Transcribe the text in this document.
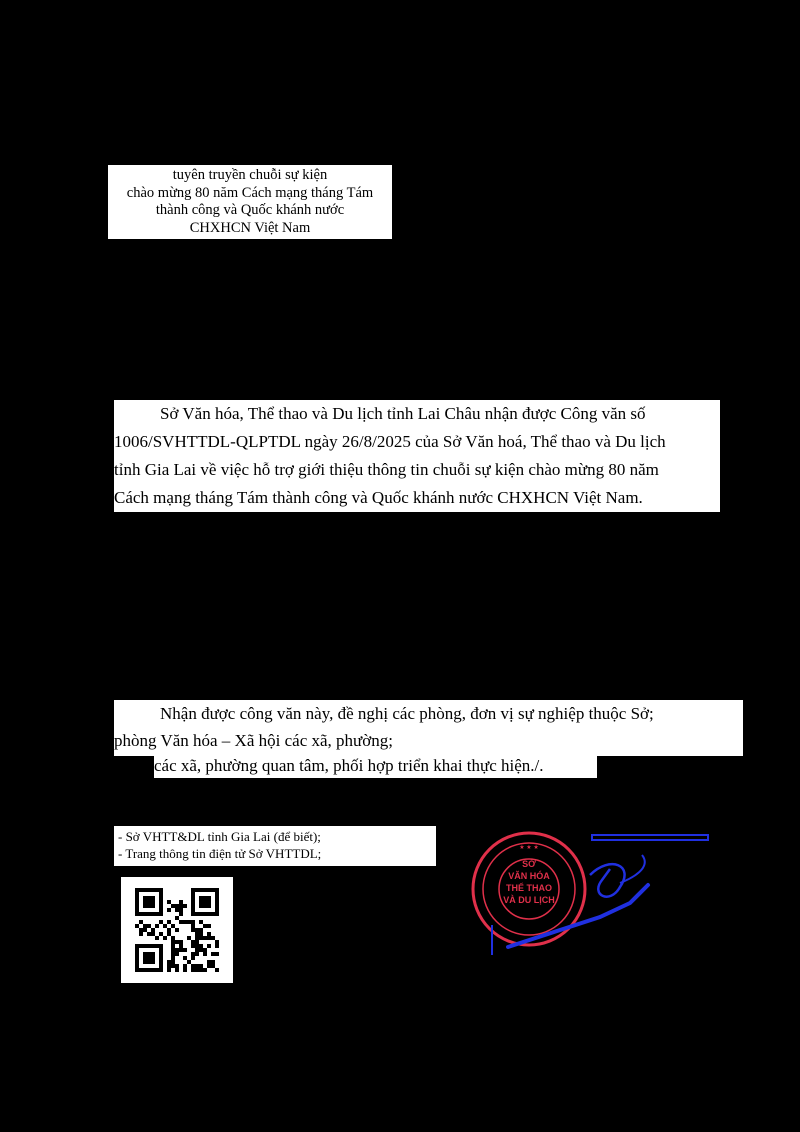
tuyên truyền chuỗi sự kiện
chào mừng 80 năm Cách mạng tháng Tám
thành công và Quốc khánh nước
CHXHCN Việt Nam
Sở Văn hóa, Thể thao và Du lịch tỉnh Lai Châu nhận được Công văn số
1006/SVHTTDL-QLPTDL ngày 26/8/2025 của Sở Văn hoá, Thể thao và Du lịch
tỉnh Gia Lai về việc hỗ trợ giới thiệu thông tin chuỗi sự kiện chào mừng 80 năm
Cách mạng tháng Tám thành công và Quốc khánh nước CHXHCN Việt Nam.
Nhận được công văn này, đề nghị các phòng, đơn vị sự nghiệp thuộc Sở;
phòng Văn hóa – Xã hội các xã, phường;
các xã, phường quan tâm, phối hợp triển khai thực hiện./.
- Sở VHTT&DL tỉnh Gia Lai (để biết);
- Trang thông tin điện tử Sở VHTTDL;
SỞ
VĂN HÓA
THỂ THAO
VÀ DU LỊCH
★ ★ ★
